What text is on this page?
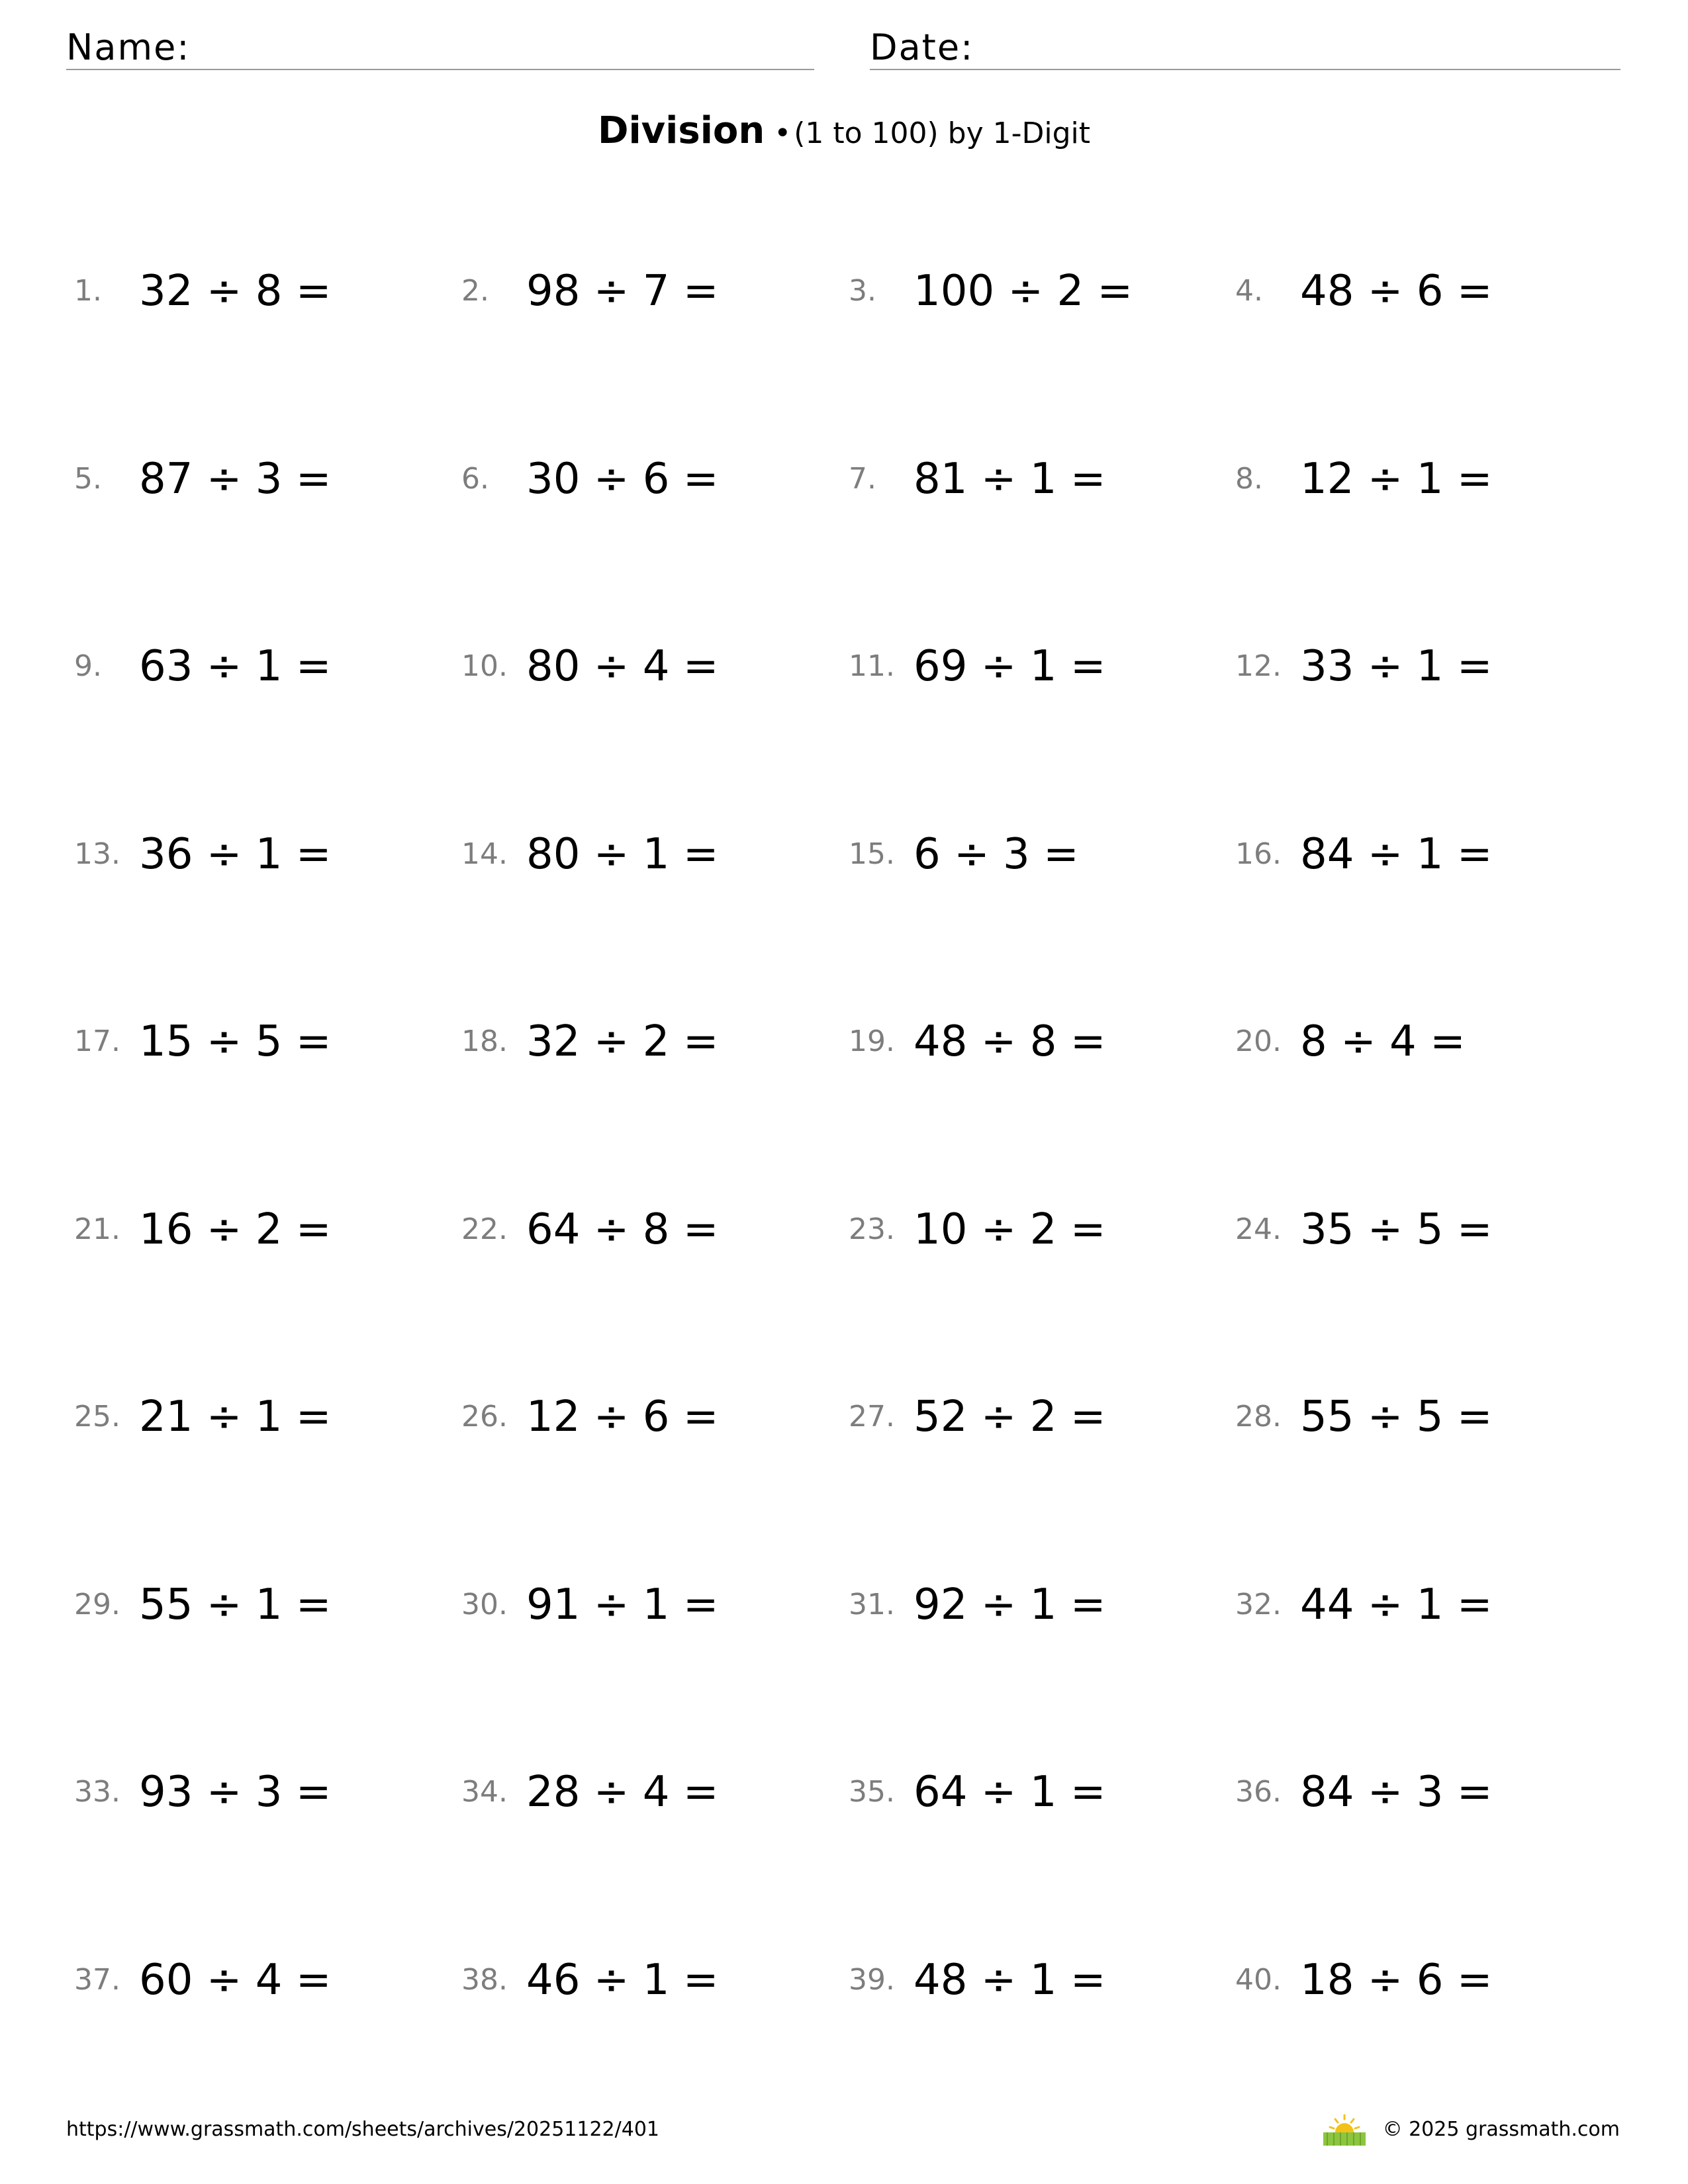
Name:	Date:
Division •(1 to 100) by 1-Digit
1. 32 ÷ 8 =	2. 98 ÷ 7 =	3. 100 ÷ 2 =	4. 48 ÷ 6 =
5. 87 ÷ 3 =	6. 30 ÷ 6 =	7. 81 ÷ 1 =	8. 12 ÷ 1 =
9. 63 ÷ 1 =	10. 80 ÷ 4 =	11. 69 ÷ 1 =	12. 33 ÷ 1 =
13. 36 ÷ 1 =	14. 80 ÷ 1 =	15. 6 ÷ 3 =	16. 84 ÷ 1 =
17. 15 ÷ 5 =	18. 32 ÷ 2 =	19. 48 ÷ 8 =	20. 8 ÷ 4 =
21. 16 ÷ 2 =	22. 64 ÷ 8 =	23. 10 ÷ 2 =	24. 35 ÷ 5 =
25. 21 ÷ 1 =	26. 12 ÷ 6 =	27. 52 ÷ 2 =	28. 55 ÷ 5 =
29. 55 ÷ 1 =	30. 91 ÷ 1 =	31. 92 ÷ 1 =	32. 44 ÷ 1 =
33. 93 ÷ 3 =	34. 28 ÷ 4 =	35. 64 ÷ 1 =	36. 84 ÷ 3 =
37. 60 ÷ 4 =	38. 46 ÷ 1 =	39. 48 ÷ 1 =	40. 18 ÷ 6 =
https://www.grassmath.com/sheets/archives/20251122/401	© 2025 grassmath.com
